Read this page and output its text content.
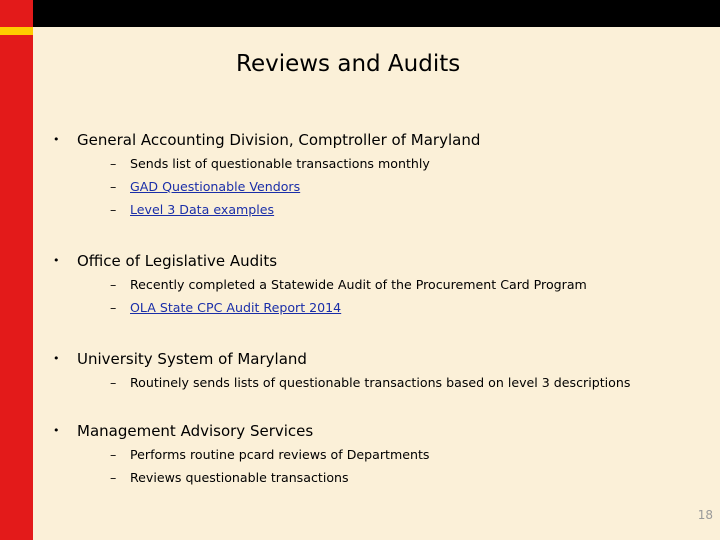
Reviews and Audits
• General Accounting Division, Comptroller of Maryland
– Sends list of questionable transactions monthly
– GAD Questionable Vendors
– Level 3 Data examples
• Office of Legislative Audits
– Recently completed a Statewide Audit of the Procurement Card Program
– OLA State CPC Audit Report 2014
• University System of Maryland
– Routinely sends lists of questionable transactions based on level 3 descriptions
• Management Advisory Services
– Performs routine pcard reviews of Departments
– Reviews questionable transactions
18
